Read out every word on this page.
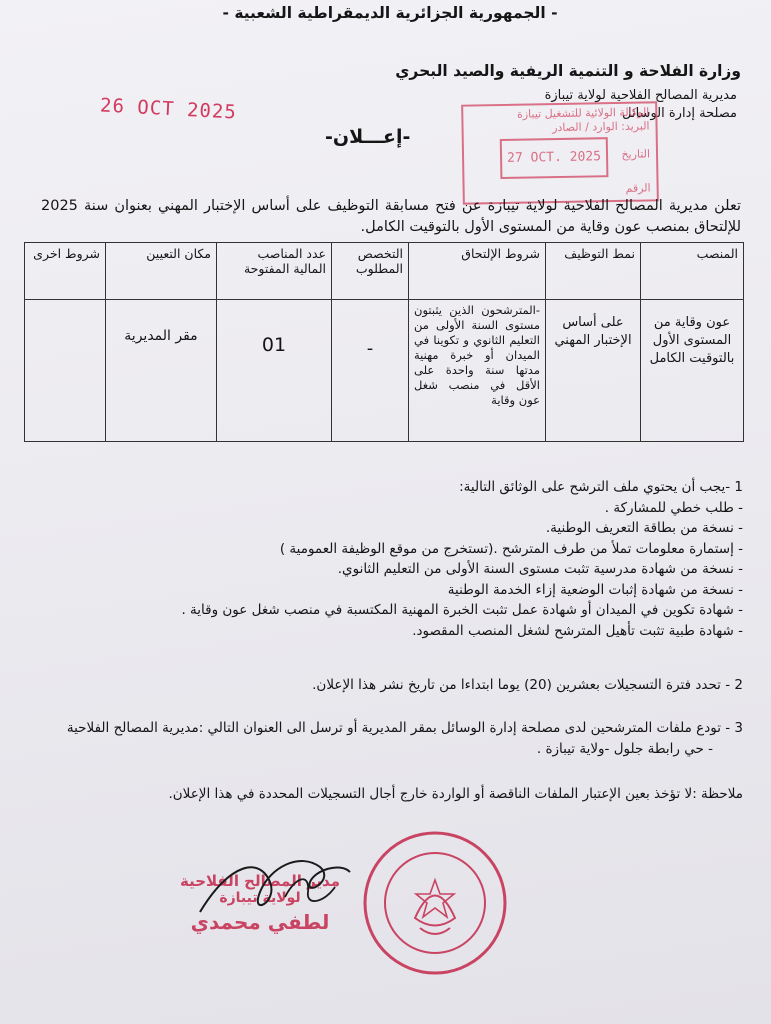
- الجمهورية الجزائرية الديمقراطية الشعبية -
وزارة الفلاحة و التنمية الريفية والصيد البحري
مديرية المصالح الفلاحية لولاية تيبازة
مصلحة إدارة الوسائل
26 OCT 2025	الوكالة الولائية للتشغيل تيبازة
البريد: الوارد / الصادر
التاريخ
27 OCT. 2025
الرقم
-إعـــلان-
تعلن مديرية المصالح الفلاحية لولاية تيبازة عن فتح مسابقة التوظيف على أساس الإختبار المهني بعنوان سنة 2025 للإلتحاق بمنصب عون وقاية من المستوى الأول بالتوقيت الكامل.
المنصب	نمط التوظيف	شروط الإلتحاق	التخصص المطلوب	عدد المناصب المالية المفتوحة	مكان التعيين	شروط اخرى
عون وقاية من المستوى الأول بالتوقيت الكامل	على أساس الإختبار المهني	-المترشحون الذين يثبتون مستوى السنة الأولى من التعليم الثانوي و تكوينا في الميدان أو خبرة مهنية مدتها سنة واحدة على الأقل في منصب شغل عون وقاية	-	01	مقر المديرية	
1 -يجب أن يحتوي ملف الترشح على الوثائق التالية:
- طلب خطي للمشاركة .
- نسخة من بطاقة التعريف الوطنية.
- إستمارة معلومات تملأ من طرف المترشح .(تستخرج من موقع الوظيفة العمومية )
- نسخة من شهادة مدرسية تثبت مستوى السنة الأولى من التعليم الثانوي.
- نسخة من شهادة إثبات الوضعية إزاء الخدمة الوطنية
- شهادة تكوين في الميدان أو شهادة عمل تثبت الخبرة المهنية المكتسبة في منصب شغل عون وقاية .
- شهادة طبية تثبت تأهيل المترشح لشغل المنصب المقصود.
2 - تحدد فترة التسجيلات بعشرين (20) يوما ابتداءا من تاريخ نشر هذا الإعلان.
3 - تودع ملفات المترشحين لدى مصلحة إدارة الوسائل بمقر المديرية أو ترسل الى العنوان التالي :مديرية المصالح الفلاحية
- حي رابطة جلول -ولاية تيبازة .
ملاحظة :لا تؤخذ بعين الإعتبار الملفات الناقصة أو الواردة خارج أجال التسجيلات المحددة في هذا الإعلان.
مدير المصالح الفلاحية
لولاية تيبازة
لطفي محمدي
